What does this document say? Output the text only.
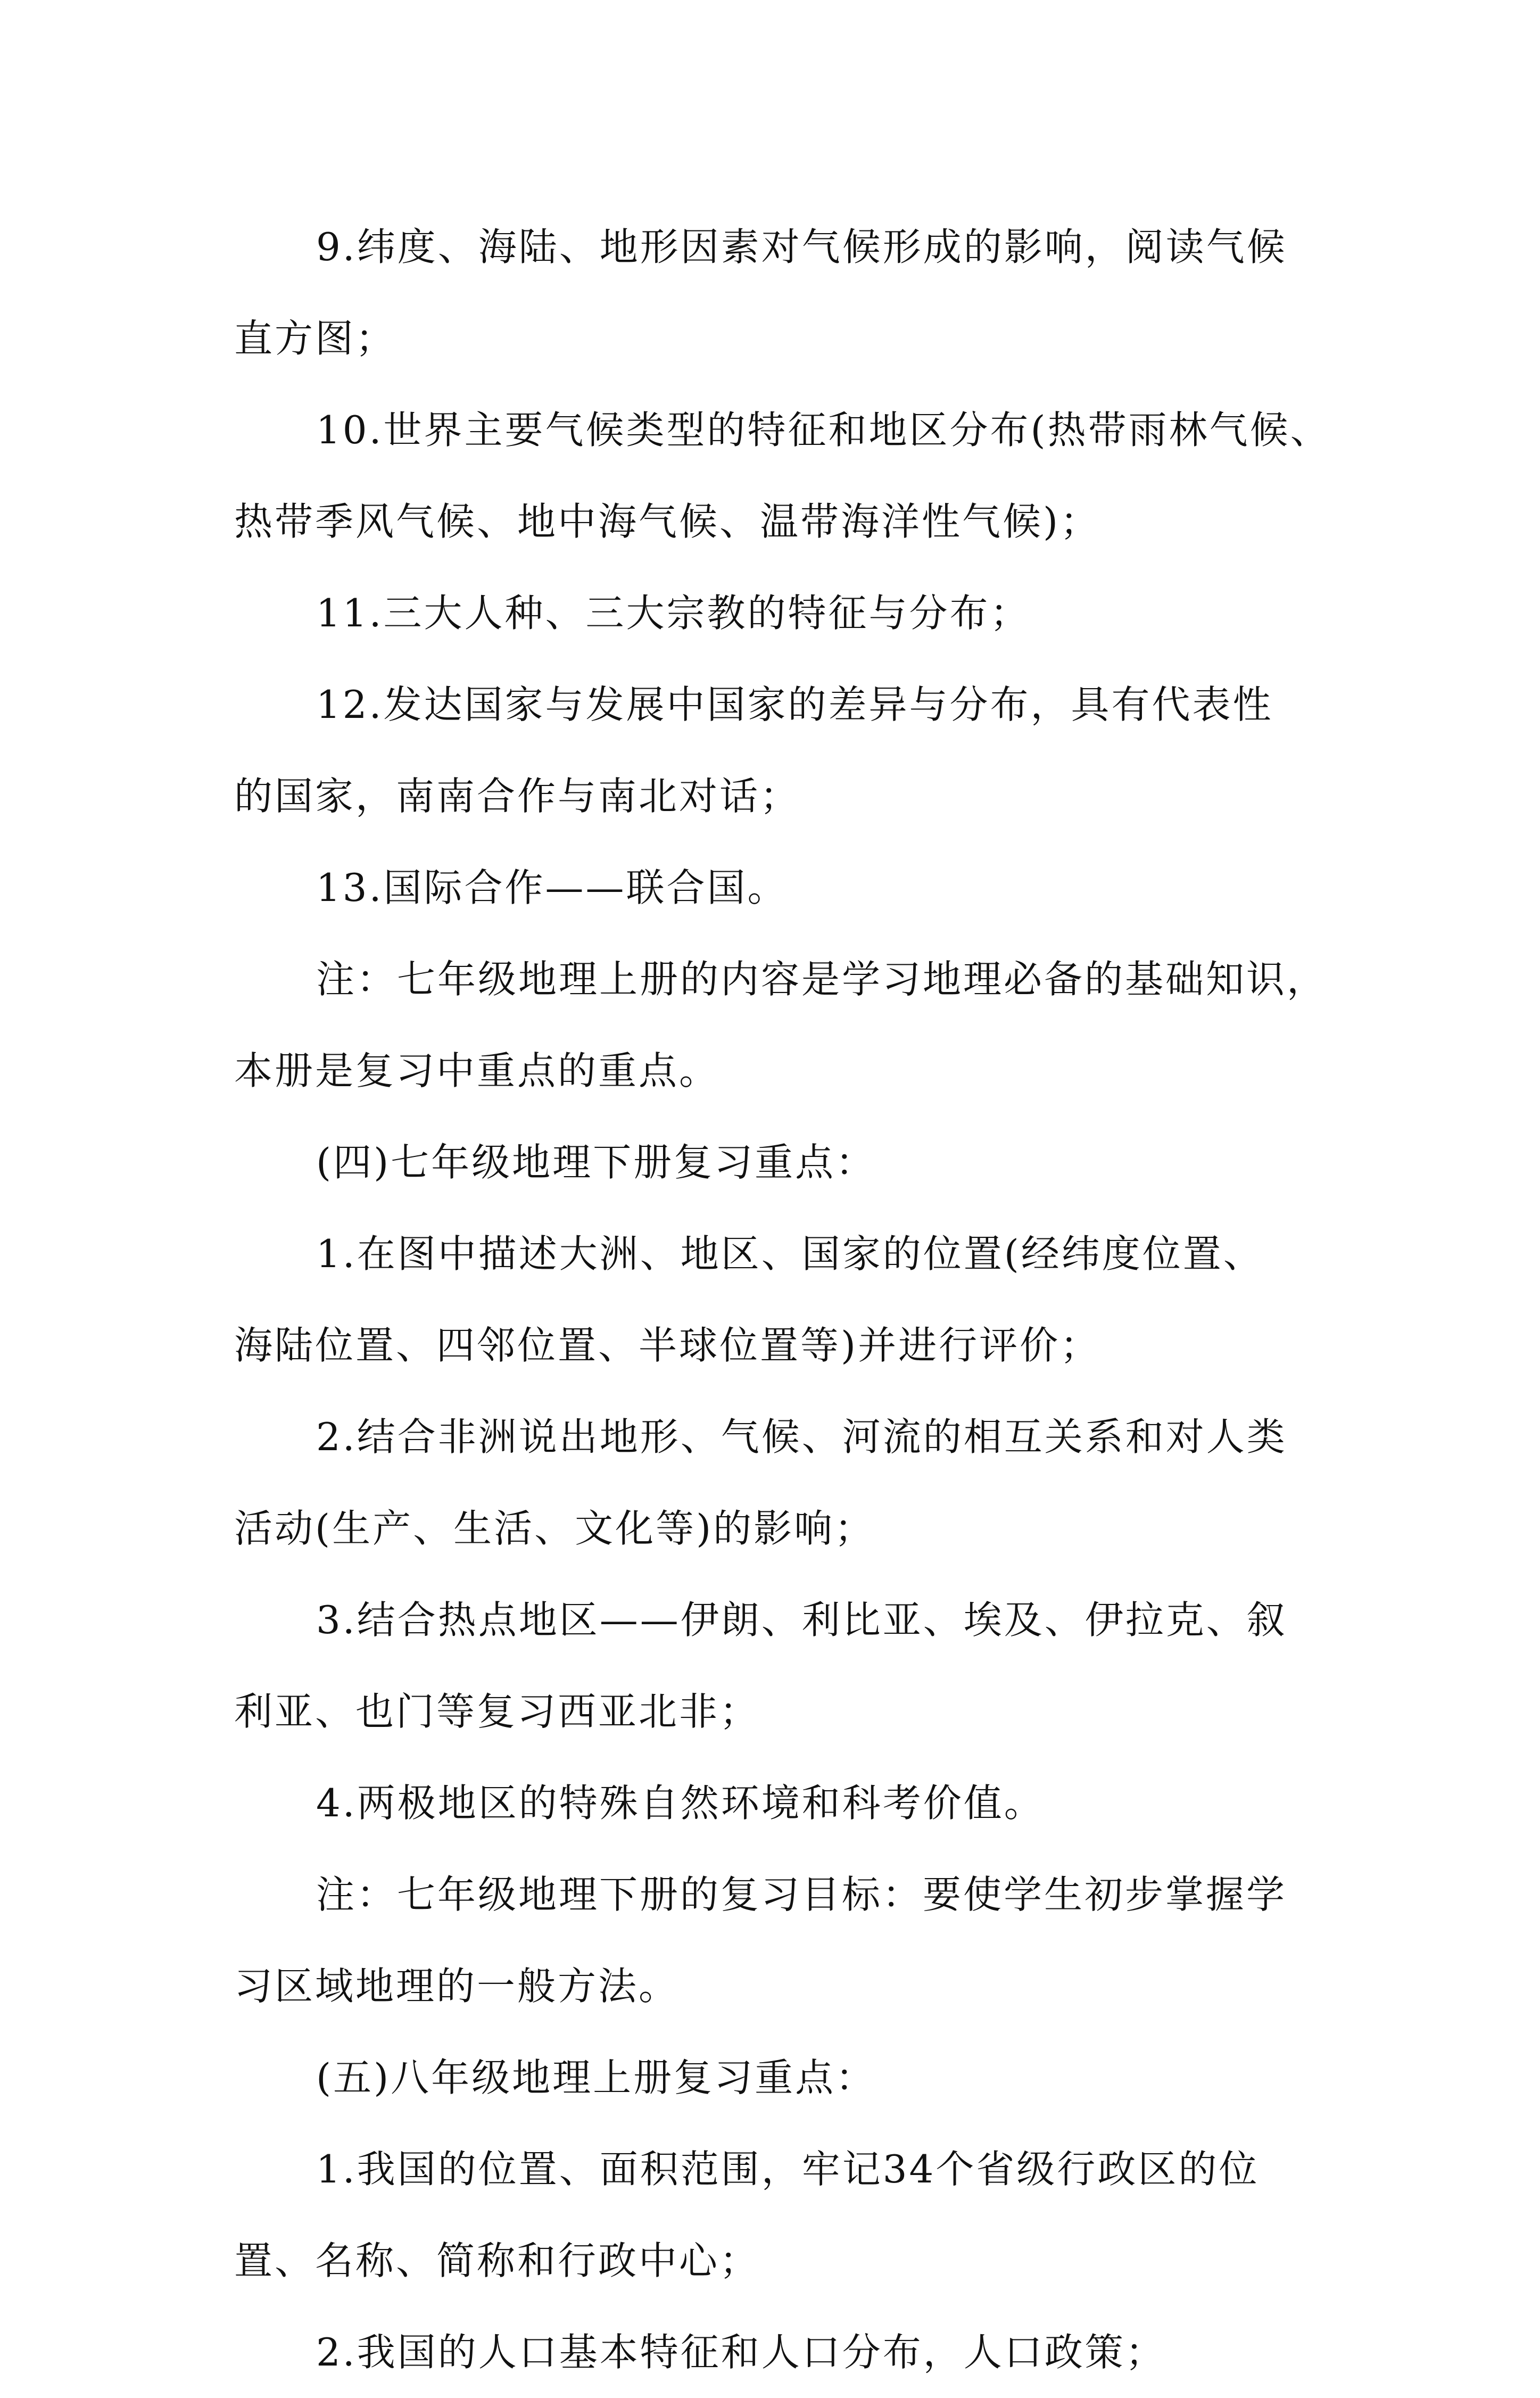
9.纬度、海陆、地形因素对气候形成的影响，阅读气候
直方图；
10.世界主要气候类型的特征和地区分布(热带雨林气候、
热带季风气候、地中海气候、温带海洋性气候)；
11.三大人种、三大宗教的特征与分布；
12.发达国家与发展中国家的差异与分布，具有代表性
的国家，南南合作与南北对话；
13.国际合作——联合国。
注：七年级地理上册的内容是学习地理必备的基础知识，
本册是复习中重点的重点。
(四)七年级地理下册复习重点：
1.在图中描述大洲、地区、国家的位置(经纬度位置、
海陆位置、四邻位置、半球位置等)并进行评价；
2.结合非洲说出地形、气候、河流的相互关系和对人类
活动(生产、生活、文化等)的影响；
3.结合热点地区——伊朗、利比亚、埃及、伊拉克、叙
利亚、也门等复习西亚北非；
4.两极地区的特殊自然环境和科考价值。
注：七年级地理下册的复习目标：要使学生初步掌握学
习区域地理的一般方法。
(五)八年级地理上册复习重点：
1.我国的位置、面积范围，牢记34个省级行政区的位
置、名称、简称和行政中心；
2.我国的人口基本特征和人口分布，人口政策；
